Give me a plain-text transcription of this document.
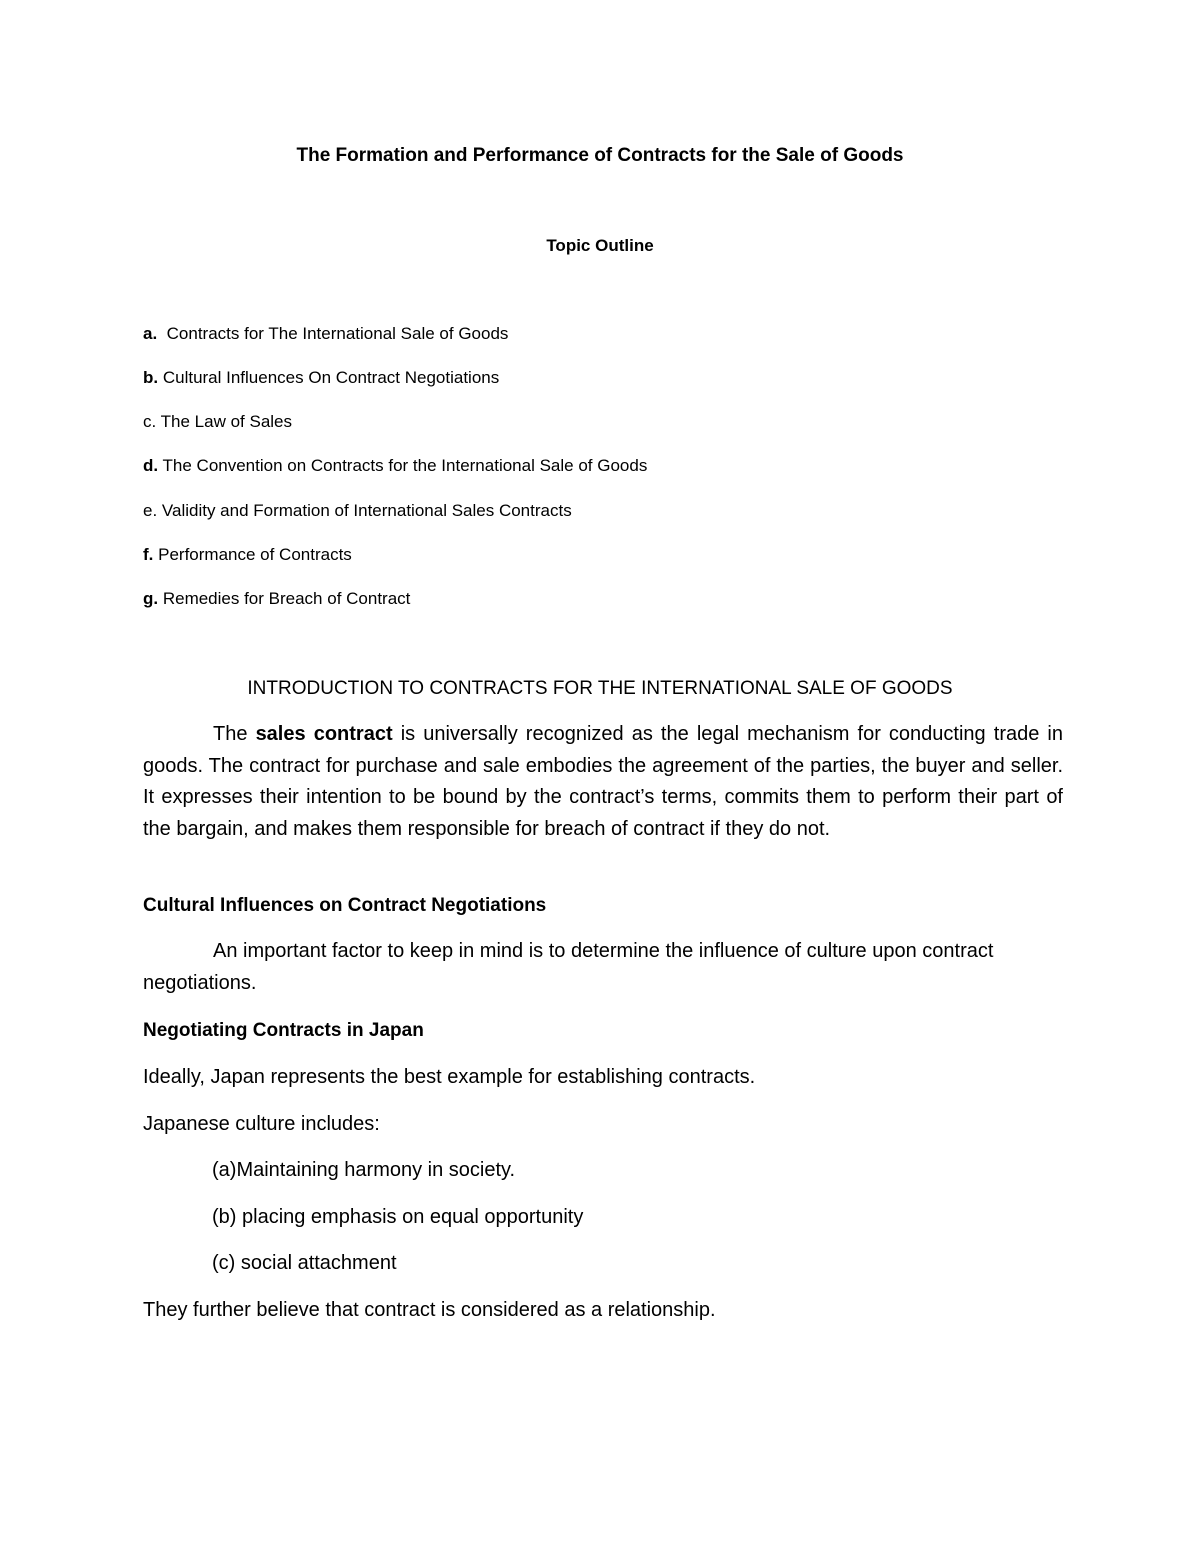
The Formation and Performance of Contracts for the Sale of Goods
Topic Outline
a.  Contracts for The International Sale of Goods
b. Cultural Influences On Contract Negotiations
c. The Law of Sales
d. The Convention on Contracts for the International Sale of Goods
e. Validity and Formation of International Sales Contracts
f. Performance of Contracts
g. Remedies for Breach of Contract
INTRODUCTION TO CONTRACTS FOR THE INTERNATIONAL SALE OF GOODS

The sales contract is universally recognized as the legal mechanism for conducting trade in goods. The contract for purchase and sale embodies the agreement of the parties, the buyer and seller. It expresses their intention to be bound by the contract’s terms, commits them to perform their part of the bargain, and makes them responsible for breach of contract if they do not.

Cultural Influences on Contract Negotiations

An important factor to keep in mind is to determine the influence of culture upon contract negotiations.

Negotiating Contracts in Japan

Ideally, Japan represents the best example for establishing contracts.

Japanese culture includes:

(a)Maintaining harmony in society.

(b) placing emphasis on equal opportunity

(c) social attachment

They further believe that contract is considered as a relationship.
